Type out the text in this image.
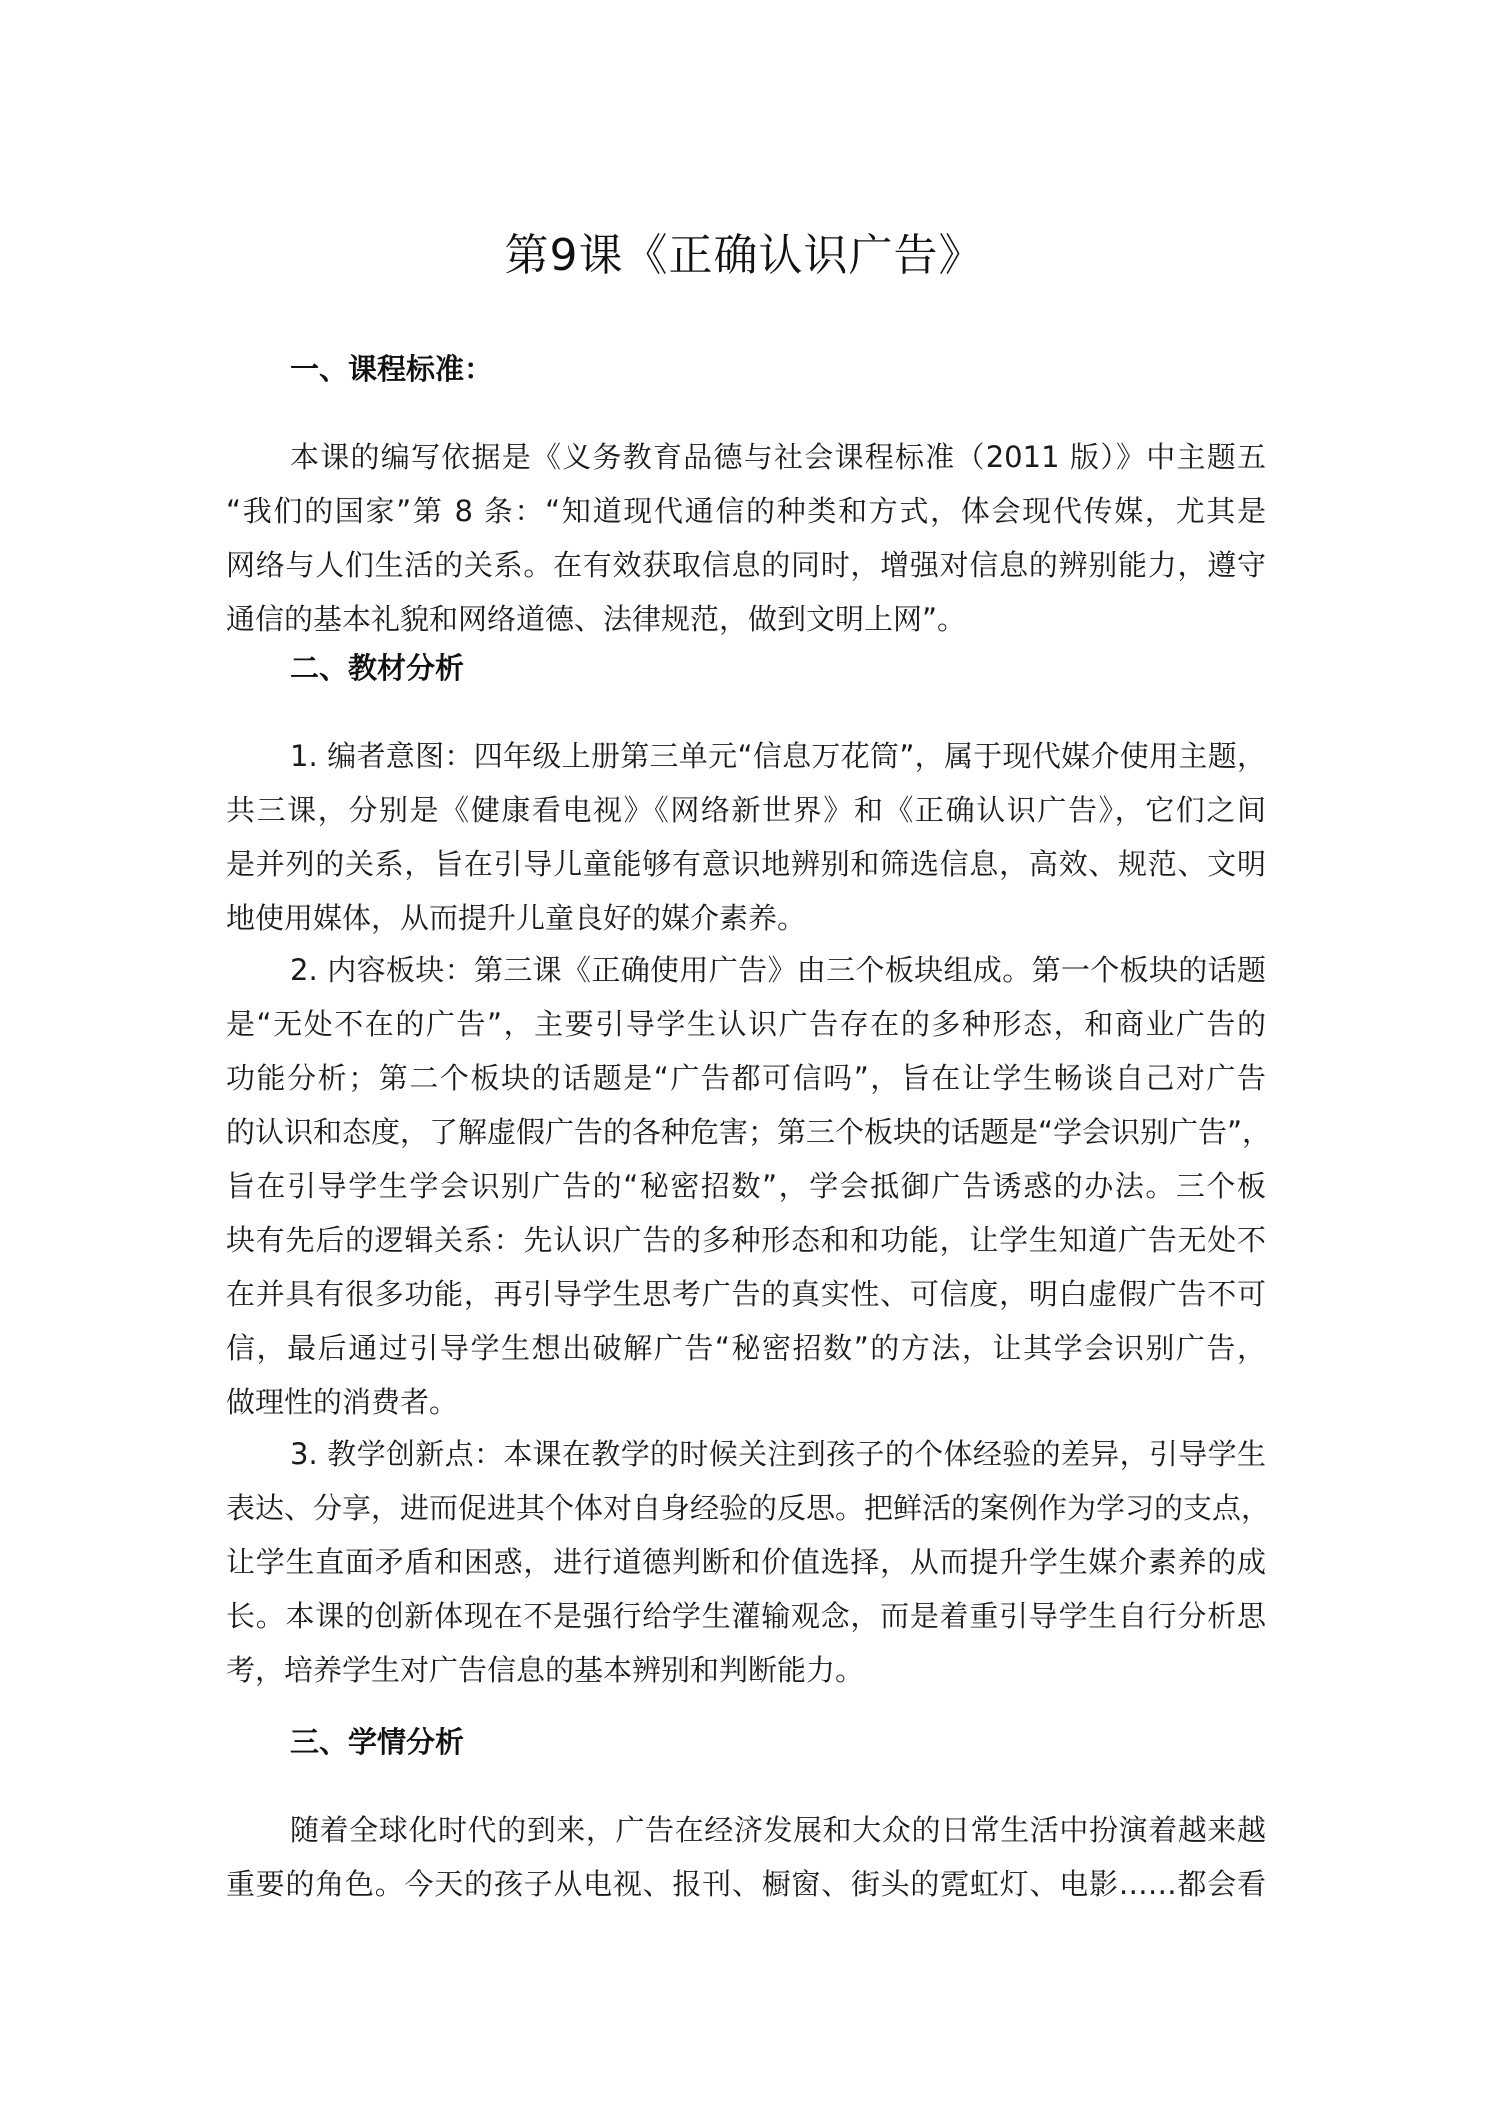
第9课《正确认识广告》
一、课程标准：
本课的编写依据是《义务教育品德与社会课程标准（2011 版）》中主题五
“我们的国家”第 8 条：“知道现代通信的种类和方式，体会现代传媒，尤其是
网络与人们生活的关系。在有效获取信息的同时，增强对信息的辨别能力，遵守
通信的基本礼貌和网络道德、法律规范，做到文明上网”。
二、教材分析
1. 编者意图：四年级上册第三单元“信息万花筒”，属于现代媒介使用主题，
共三课，分别是《健康看电视》《网络新世界》和《正确认识广告》，它们之间
是并列的关系，旨在引导儿童能够有意识地辨别和筛选信息，高效、规范、文明
地使用媒体，从而提升儿童良好的媒介素养。
2. 内容板块：第三课《正确使用广告》由三个板块组成。第一个板块的话题
是“无处不在的广告”，主要引导学生认识广告存在的多种形态，和商业广告的
功能分析；第二个板块的话题是“广告都可信吗”，旨在让学生畅谈自己对广告
的认识和态度，了解虚假广告的各种危害；第三个板块的话题是“学会识别广告”，
旨在引导学生学会识别广告的“秘密招数”，学会抵御广告诱惑的办法。三个板
块有先后的逻辑关系：先认识广告的多种形态和和功能，让学生知道广告无处不
在并具有很多功能，再引导学生思考广告的真实性、可信度，明白虚假广告不可
信，最后通过引导学生想出破解广告“秘密招数”的方法，让其学会识别广告，
做理性的消费者。
3. 教学创新点：本课在教学的时候关注到孩子的个体经验的差异，引导学生
表达、分享，进而促进其个体对自身经验的反思。把鲜活的案例作为学习的支点，
让学生直面矛盾和困惑，进行道德判断和价值选择，从而提升学生媒介素养的成
长。本课的创新体现在不是强行给学生灌输观念，而是着重引导学生自行分析思
考，培养学生对广告信息的基本辨别和判断能力。
三、学情分析
随着全球化时代的到来，广告在经济发展和大众的日常生活中扮演着越来越
重要的角色。今天的孩子从电视、报刊、橱窗、街头的霓虹灯、电影……都会看
